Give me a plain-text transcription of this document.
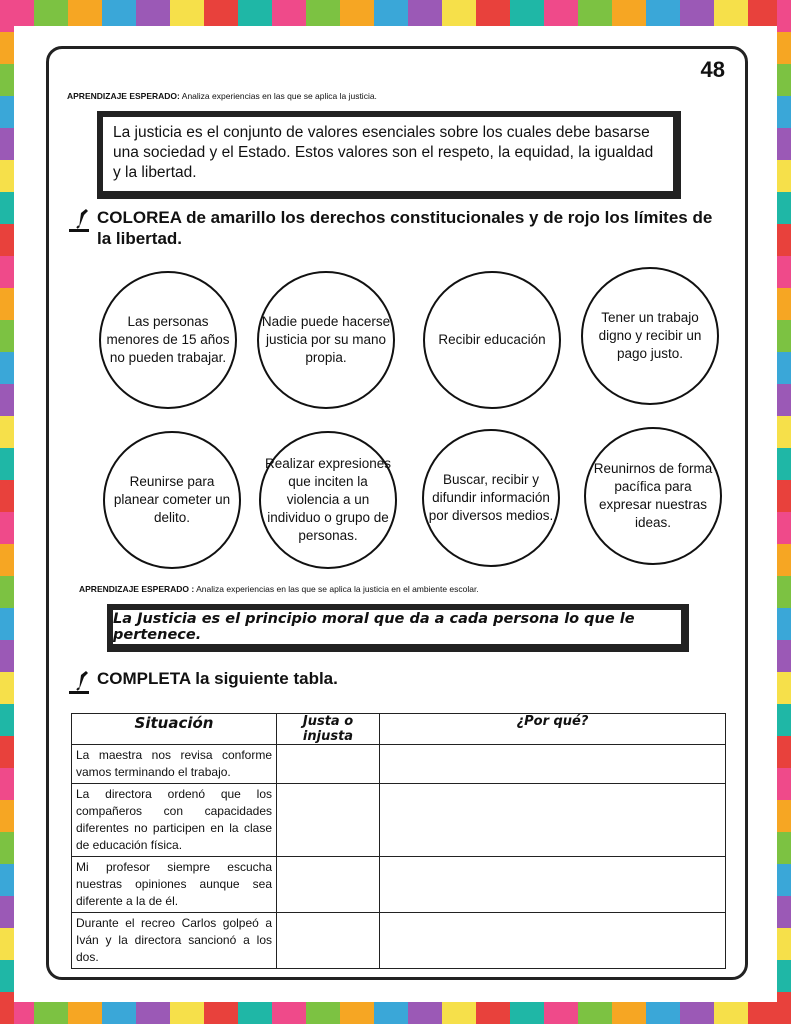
48
APRENDIZAJE ESPERADO: Analiza experiencias en las que se aplica la justicia.
La justicia es el conjunto de valores esenciales sobre los cuales debe basarse una sociedad y el Estado. Estos valores son el respeto, la equidad, la igualdad y la libertad.
COLOREA de amarillo los derechos constitucionales y de rojo los límites de la libertad.
Las personas menores de 15 años no pueden trabajar.
Nadie puede hacerse justicia por su mano propia.
Recibir educación
Tener un trabajo digno y recibir un pago justo.
Reunirse para planear cometer un delito.
Realizar expresiones que inciten la violencia a un individuo o grupo de personas.
Buscar, recibir y difundir información por diversos medios.
Reunirnos de forma pacífica para expresar nuestras ideas.
APRENDIZAJE ESPERADO : Analiza experiencias en las que se aplica la justicia en el ambiente escolar.
La Justicia es el principio moral que da a cada persona lo que le pertenece.
COMPLETA la siguiente tabla.
Situación	Justa o injusta	¿Por qué?
La maestra nos revisa conforme vamos terminando el trabajo.		
La directora ordenó que los compañeros con capacidades diferentes no participen en la clase de educación física.		
Mi profesor siempre escucha nuestras opiniones aunque sea diferente a la de él.		
Durante el recreo Carlos golpeó a Iván y la directora sancionó a los dos.		
